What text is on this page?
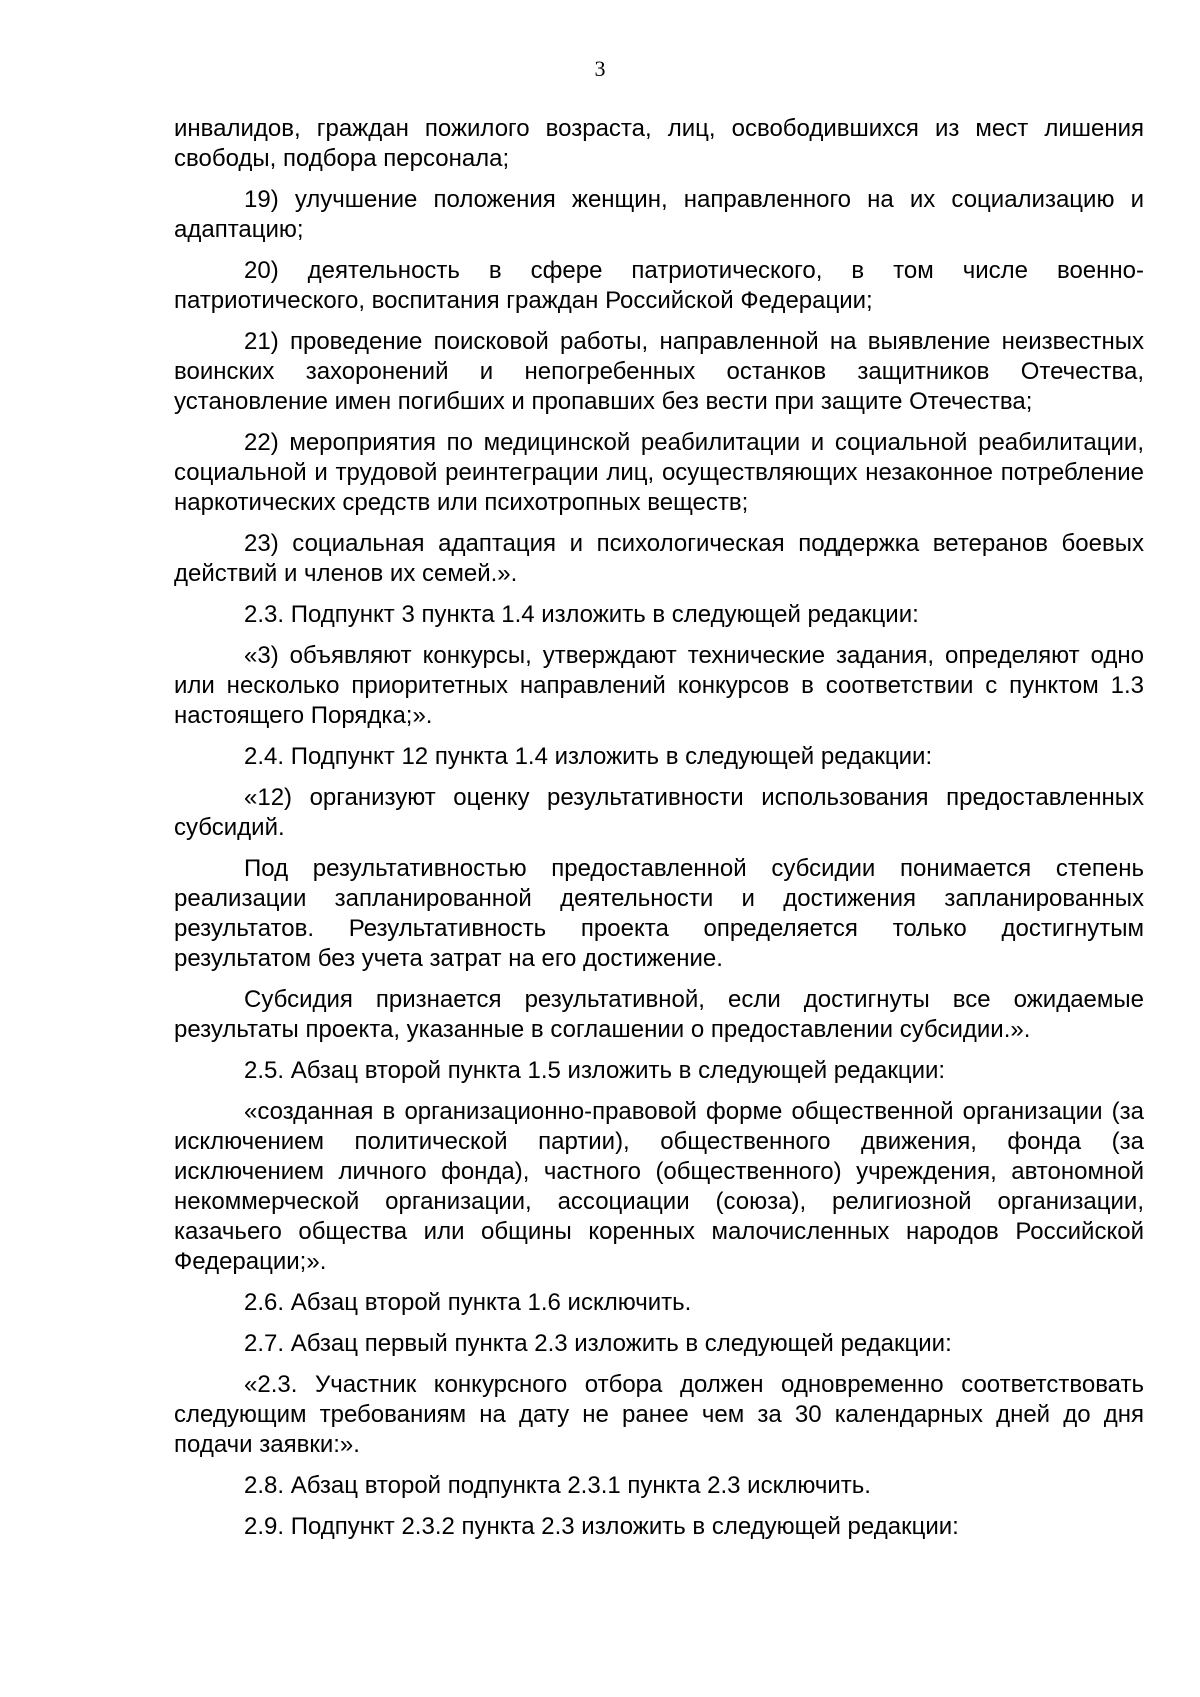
3

инвалидов, граждан пожилого возраста, лиц, освободившихся из мест лишения свободы, подбора персонала;

19) улучшение положения женщин, направленного на их социализацию и адаптацию;

20) деятельность в сфере патриотического, в том числе военно-патриотического, воспитания граждан Российской Федерации;

21) проведение поисковой работы, направленной на выявление неизвестных воинских захоронений и непогребенных останков защитников Отечества, установление имен погибших и пропавших без вести при защите Отечества;

22) мероприятия по медицинской реабилитации и социальной реабилитации, социальной и трудовой реинтеграции лиц, осуществляющих незаконное потребление наркотических средств или психотропных веществ;

23) социальная адаптация и психологическая поддержка ветеранов боевых действий и членов их семей.».

2.3. Подпункт 3 пункта 1.4 изложить в следующей редакции:

«3) объявляют конкурсы, утверждают технические задания, определяют одно или несколько приоритетных направлений конкурсов в соответствии с пунктом 1.3 настоящего Порядка;».

2.4. Подпункт 12 пункта 1.4 изложить в следующей редакции:

«12) организуют оценку результативности использования предоставленных субсидий.

Под результативностью предоставленной субсидии понимается степень реализации запланированной деятельности и достижения запланированных результатов. Результативность проекта определяется только достигнутым результатом без учета затрат на его достижение.

Субсидия признается результативной, если достигнуты все ожидаемые результаты проекта, указанные в соглашении о предоставлении субсидии.».

2.5. Абзац второй пункта 1.5 изложить в следующей редакции:

«созданная в организационно-правовой форме общественной организации (за исключением политической партии), общественного движения, фонда (за исключением личного фонда), частного (общественного) учреждения, автономной некоммерческой организации, ассоциации (союза), религиозной организации, казачьего общества или общины коренных малочисленных народов Российской Федерации;».

2.6. Абзац второй пункта 1.6 исключить.

2.7. Абзац первый пункта 2.3 изложить в следующей редакции:

«2.3. Участник конкурсного отбора должен одновременно соответствовать следующим требованиям на дату не ранее чем за 30 календарных дней до дня подачи заявки:».

2.8. Абзац второй подпункта 2.3.1 пункта 2.3 исключить.

2.9. Подпункт 2.3.2 пункта 2.3 изложить в следующей редакции:
